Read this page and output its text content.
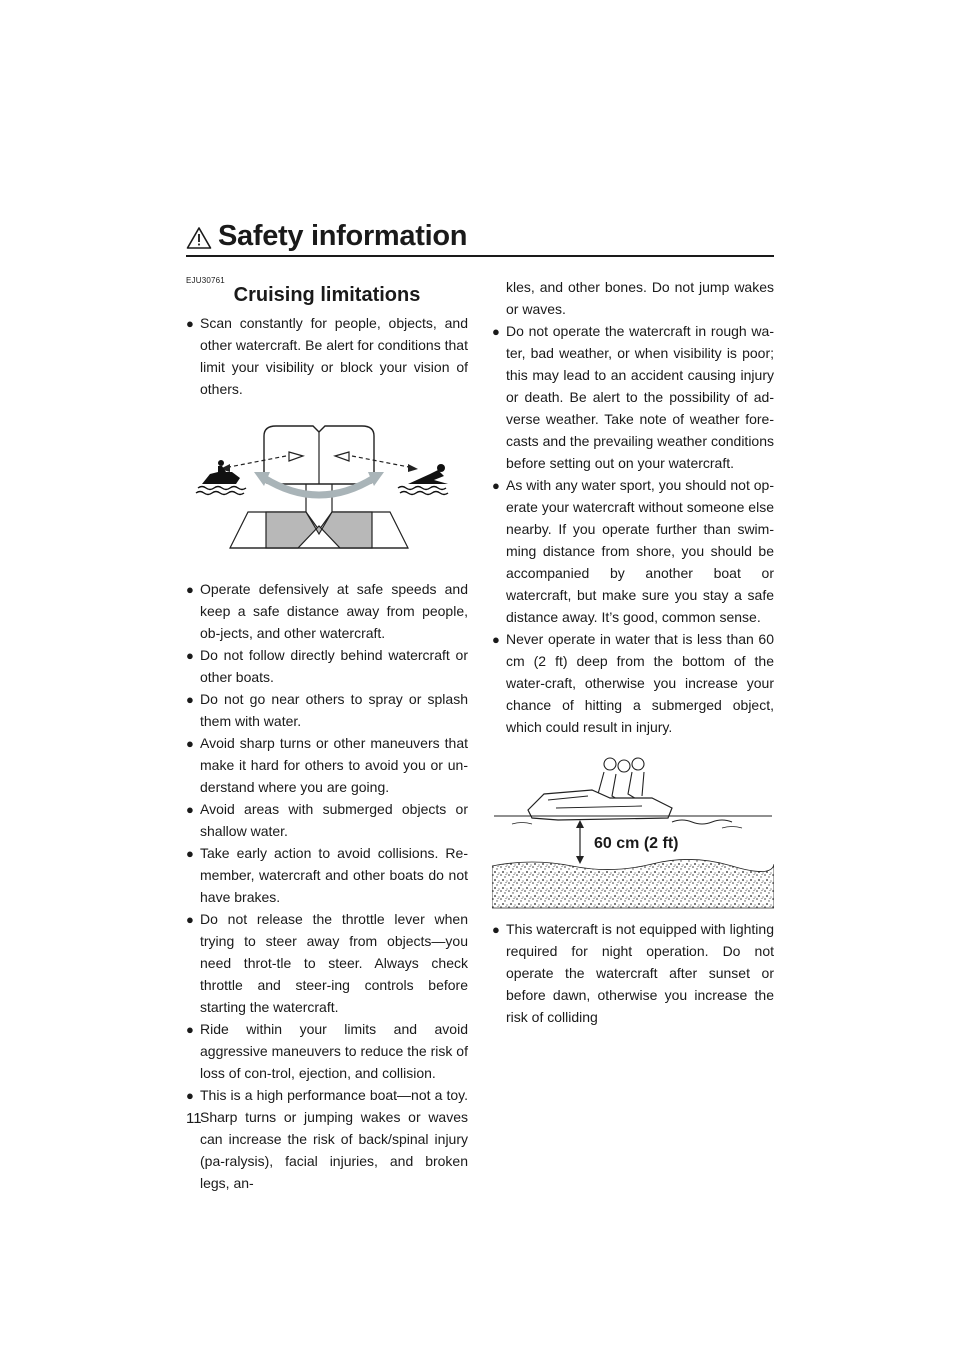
Safety information

EJU30761

Cruising limitations
● Scan constantly for people, objects, and other watercraft. Be alert for conditions that limit your visibility or block your vision of others.
● Operate defensively at safe speeds and keep a safe distance away from people, ob-jects, and other watercraft.
● Do not follow directly behind watercraft or other boats.
● Do not go near others to spray or splash them with water.
● Avoid sharp turns or other maneuvers that make it hard for others to avoid you or un-derstand where you are going.
● Avoid areas with submerged objects or shallow water.
● Take early action to avoid collisions. Re-member, watercraft and other boats do not have brakes.
● Do not release the throttle lever when trying to steer away from objects—you need throt-tle to steer. Always check throttle and steer-ing controls before starting the watercraft.
● Ride within your limits and avoid aggressive maneuvers to reduce the risk of loss of con-trol, ejection, and collision.
● This is a high performance boat—not a toy. Sharp turns or jumping wakes or waves can increase the risk of back/spinal injury (pa-ralysis), facial injuries, and broken legs, an-

kles, and other bones. Do not jump wakes or waves.

● Do not operate the watercraft in rough wa-ter, bad weather, or when visibility is poor; this may lead to an accident causing injury or death. Be alert to the possibility of ad-verse weather. Take note of weather fore-casts and the prevailing weather conditions before setting out on your watercraft.
● As with any water sport, you should not op-erate your watercraft without someone else nearby. If you operate further than swim-ming distance from shore, you should be accompanied by another boat or watercraft, but make sure you stay a safe distance away. It’s good, common sense.
● Never operate in water that is less than 60 cm (2 ft) deep from the bottom of the water-craft, otherwise you increase your chance of hitting a submerged object, which could result in injury.
60 cm (2 ft)
● This watercraft is not equipped with lighting required for night operation. Do not operate the watercraft after sunset or before dawn, otherwise you increase the risk of colliding
11
